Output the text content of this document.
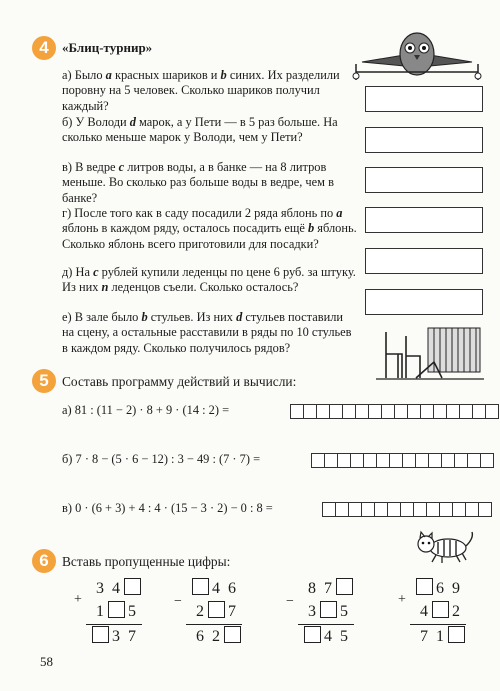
4 «Блиц-турнир»
а) Было a красных шариков и b синих. Их разделили поровну на 5 человек. Сколько шариков получил каждый?
б) У Володи d марок, а у Пети — в 5 раз больше. На сколько меньше марок у Володи, чем у Пети?
в) В ведре c литров воды, а в банке — на 8 литров меньше. Во сколько раз больше воды в ведре, чем в банке?
г) После того как в саду посадили 2 ряда яблонь по a яблонь в каждом ряду, осталось посадить ещё b яблонь. Сколько яблонь всего приготовили для посадки?
д) На c рублей купили леденцы по цене 6 руб. за штуку. Из них n леденцов съели. Сколько осталось?
е) В зале было b стульев. Из них d стульев поставили на сцену, а остальные расставили в ряды по 10 стульев в каждом ряду. Сколько получилось рядов?
5 Составь программу действий и вычисли:
а) 81 : (11 − 2) · 8 + 9 · (14 : 2) =
б) 7 · 8 − (5 · 6 − 12) : 3 − 49 : (7 · 7) =
в) 0 · (6 + 3) + 4 : 4 · (15 − 3 · 2) − 0 : 8 =
6 Вставь пропущенные цифры:
+
3 4
1 5
3 7
−
4 6
2 7
6 2
−
8 7
3 5
4 5
+
6 9
4 2
7 1
58
